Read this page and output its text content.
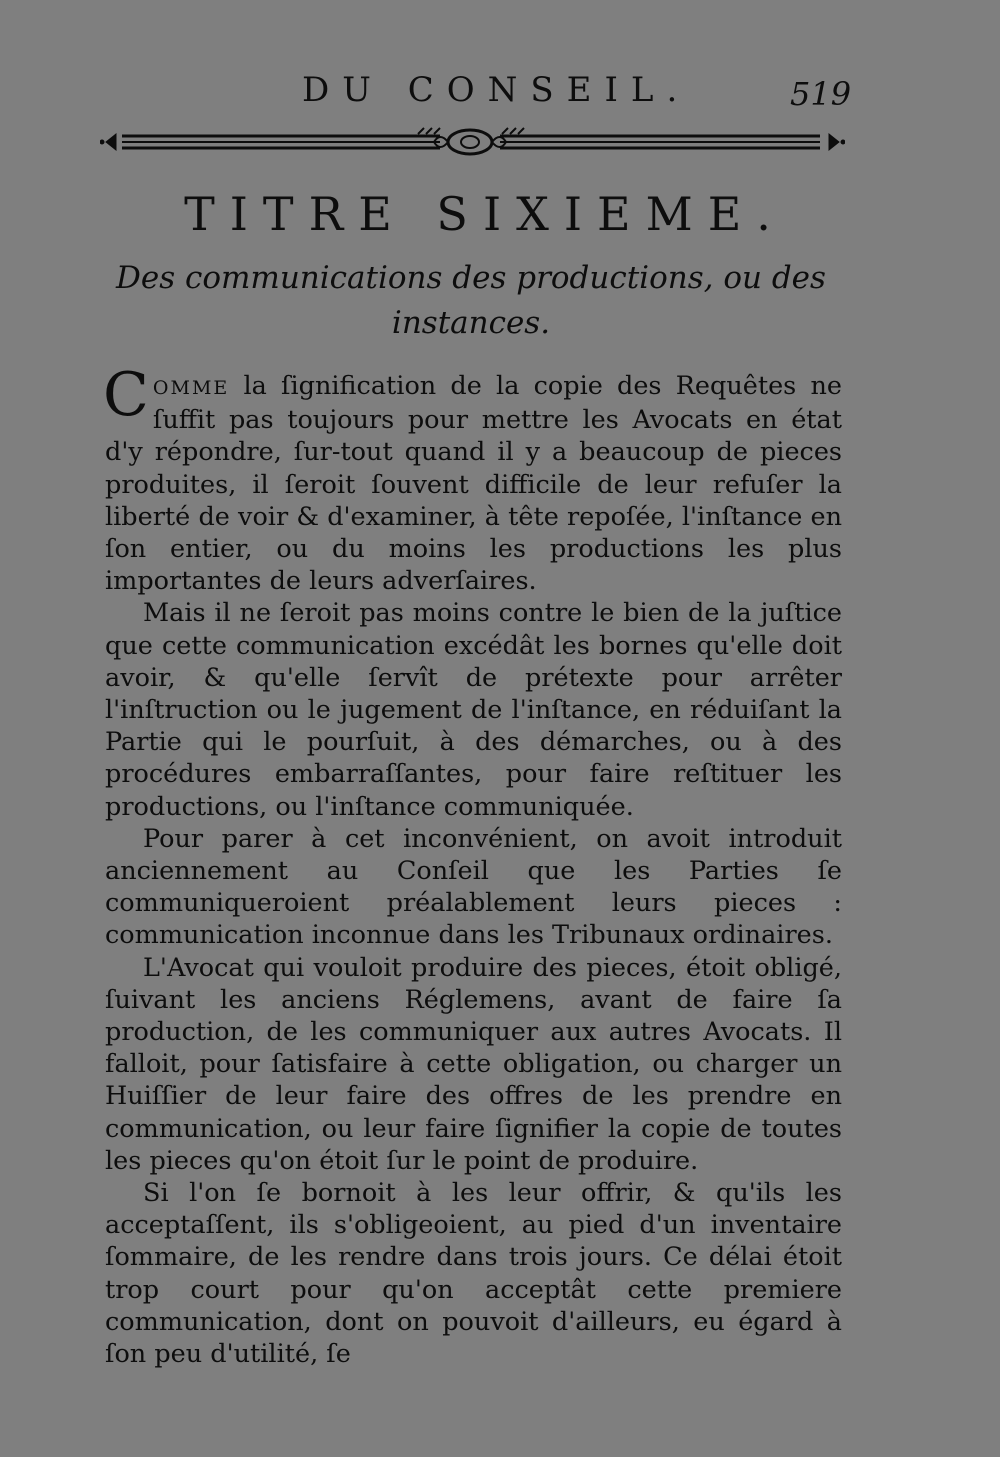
DU CONSEIL.	519
TITRE SIXIEME.
Des communications des productions, ou des instances.

COMME la ſignification de la copie des Requêtes ne ſuffit pas toujours pour mettre les Avocats en état d'y répondre, ſur-tout quand il y a beaucoup de pieces produites, il ſeroit ſouvent difficile de leur refuſer la liberté de voir & d'examiner, à tête repoſée, l'inſtance en ſon entier, ou du moins les productions les plus importantes de leurs adverſaires.

Mais il ne ſeroit pas moins contre le bien de la juſtice que cette communication excédât les bornes qu'elle doit avoir, & qu'elle ſervît de prétexte pour arrêter l'inſtruction ou le jugement de l'inſtance, en réduiſant la Partie qui le pourſuit, à des démarches, ou à des procédures embarraſſantes, pour faire reſtituer les productions, ou l'inſtance communiquée.

Pour parer à cet inconvénient, on avoit introduit anciennement au Conſeil que les Parties ſe communiqueroient préalablement leurs pieces : communication inconnue dans les Tribunaux ordinaires.

L'Avocat qui vouloit produire des pieces, étoit obligé, ſuivant les anciens Réglemens, avant de faire ſa production, de les communiquer aux autres Avocats. Il falloit, pour ſatisfaire à cette obligation, ou charger un Huiſſier de leur faire des offres de les prendre en communication, ou leur faire ſignifier la copie de toutes les pieces qu'on étoit ſur le point de produire.

Si l'on ſe bornoit à les leur offrir, & qu'ils les acceptaſſent, ils s'obligeoient, au pied d'un inventaire ſommaire, de les rendre dans trois jours. Ce délai étoit trop court pour qu'on acceptât cette premiere communication, dont on pouvoit d'ailleurs, eu égard à ſon peu d'utilité, ſe
